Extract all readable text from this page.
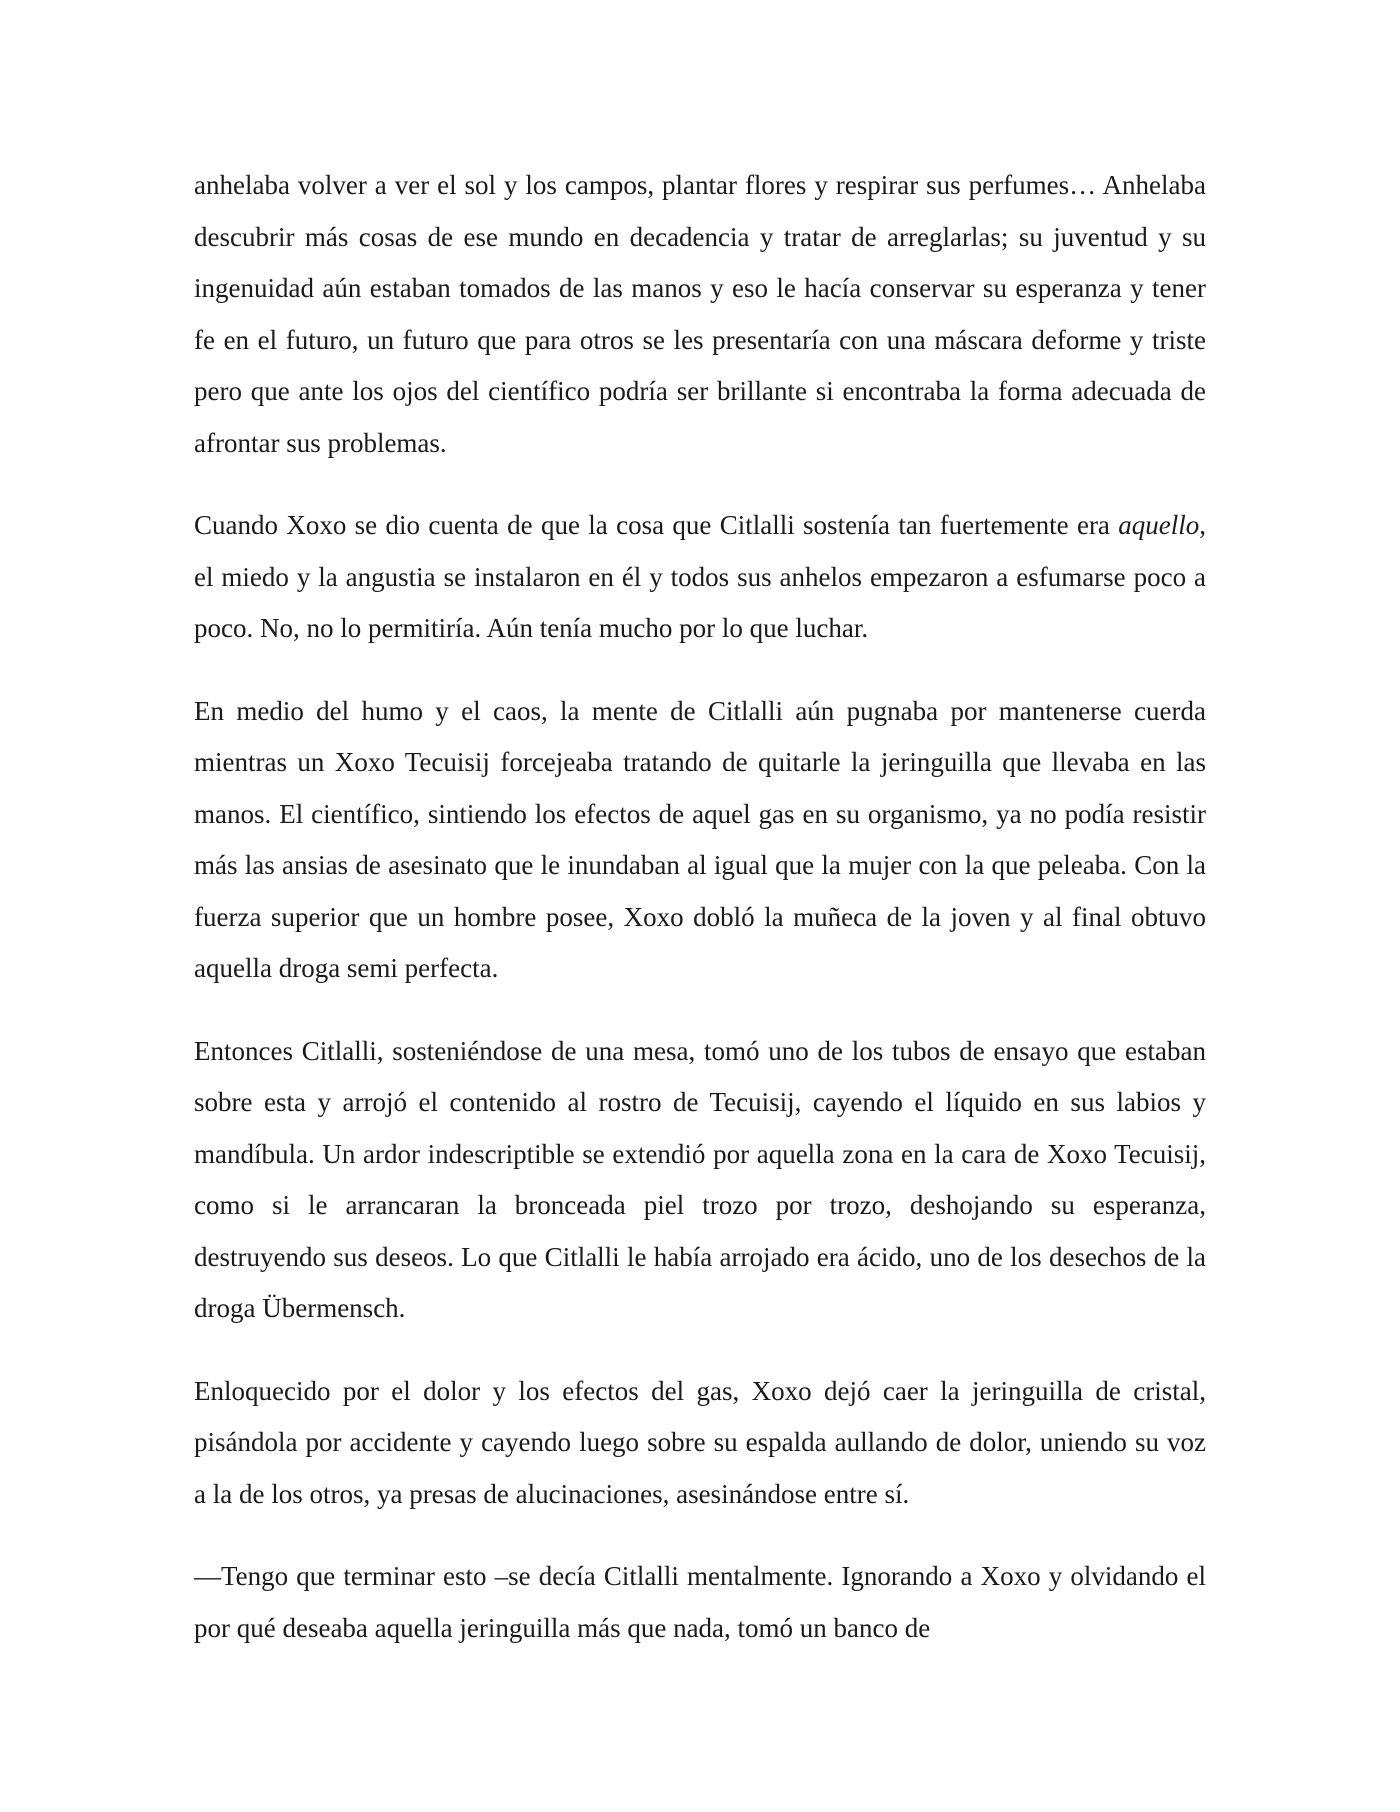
anhelaba volver a ver el sol y los campos, plantar flores y respirar sus perfumes… Anhelaba descubrir más cosas de ese mundo en decadencia y tratar de arreglarlas; su juventud y su ingenuidad aún estaban tomados de las manos y eso le hacía conservar su esperanza y tener fe en el futuro, un futuro que para otros se les presentaría con una máscara deforme y triste pero que ante los ojos del científico podría ser brillante si encontraba la forma adecuada de afrontar sus problemas.

Cuando Xoxo se dio cuenta de que la cosa que Citlalli sostenía tan fuertemente era aquello, el miedo y la angustia se instalaron en él y todos sus anhelos empezaron a esfumarse poco a poco. No, no lo permitiría. Aún tenía mucho por lo que luchar.

En medio del humo y el caos, la mente de Citlalli aún pugnaba por mantenerse cuerda mientras un Xoxo Tecuisij forcejeaba tratando de quitarle la jeringuilla que llevaba en las manos. El científico, sintiendo los efectos de aquel gas en su organismo, ya no podía resistir más las ansias de asesinato que le inundaban al igual que la mujer con la que peleaba. Con la fuerza superior que un hombre posee, Xoxo dobló la muñeca de la joven y al final obtuvo aquella droga semi perfecta.

Entonces Citlalli, sosteniéndose de una mesa, tomó uno de los tubos de ensayo que estaban sobre esta y arrojó el contenido al rostro de Tecuisij, cayendo el líquido en sus labios y mandíbula. Un ardor indescriptible se extendió por aquella zona en la cara de Xoxo Tecuisij, como si le arrancaran la bronceada piel trozo por trozo, deshojando su esperanza, destruyendo sus deseos. Lo que Citlalli le había arrojado era ácido, uno de los desechos de la droga Übermensch.

Enloquecido por el dolor y los efectos del gas, Xoxo dejó caer la jeringuilla de cristal, pisándola por accidente y cayendo luego sobre su espalda aullando de dolor, uniendo su voz a la de los otros, ya presas de alucinaciones, asesinándose entre sí.

—Tengo que terminar esto –se decía Citlalli mentalmente. Ignorando a Xoxo y olvidando el por qué deseaba aquella jeringuilla más que nada, tomó un banco de
